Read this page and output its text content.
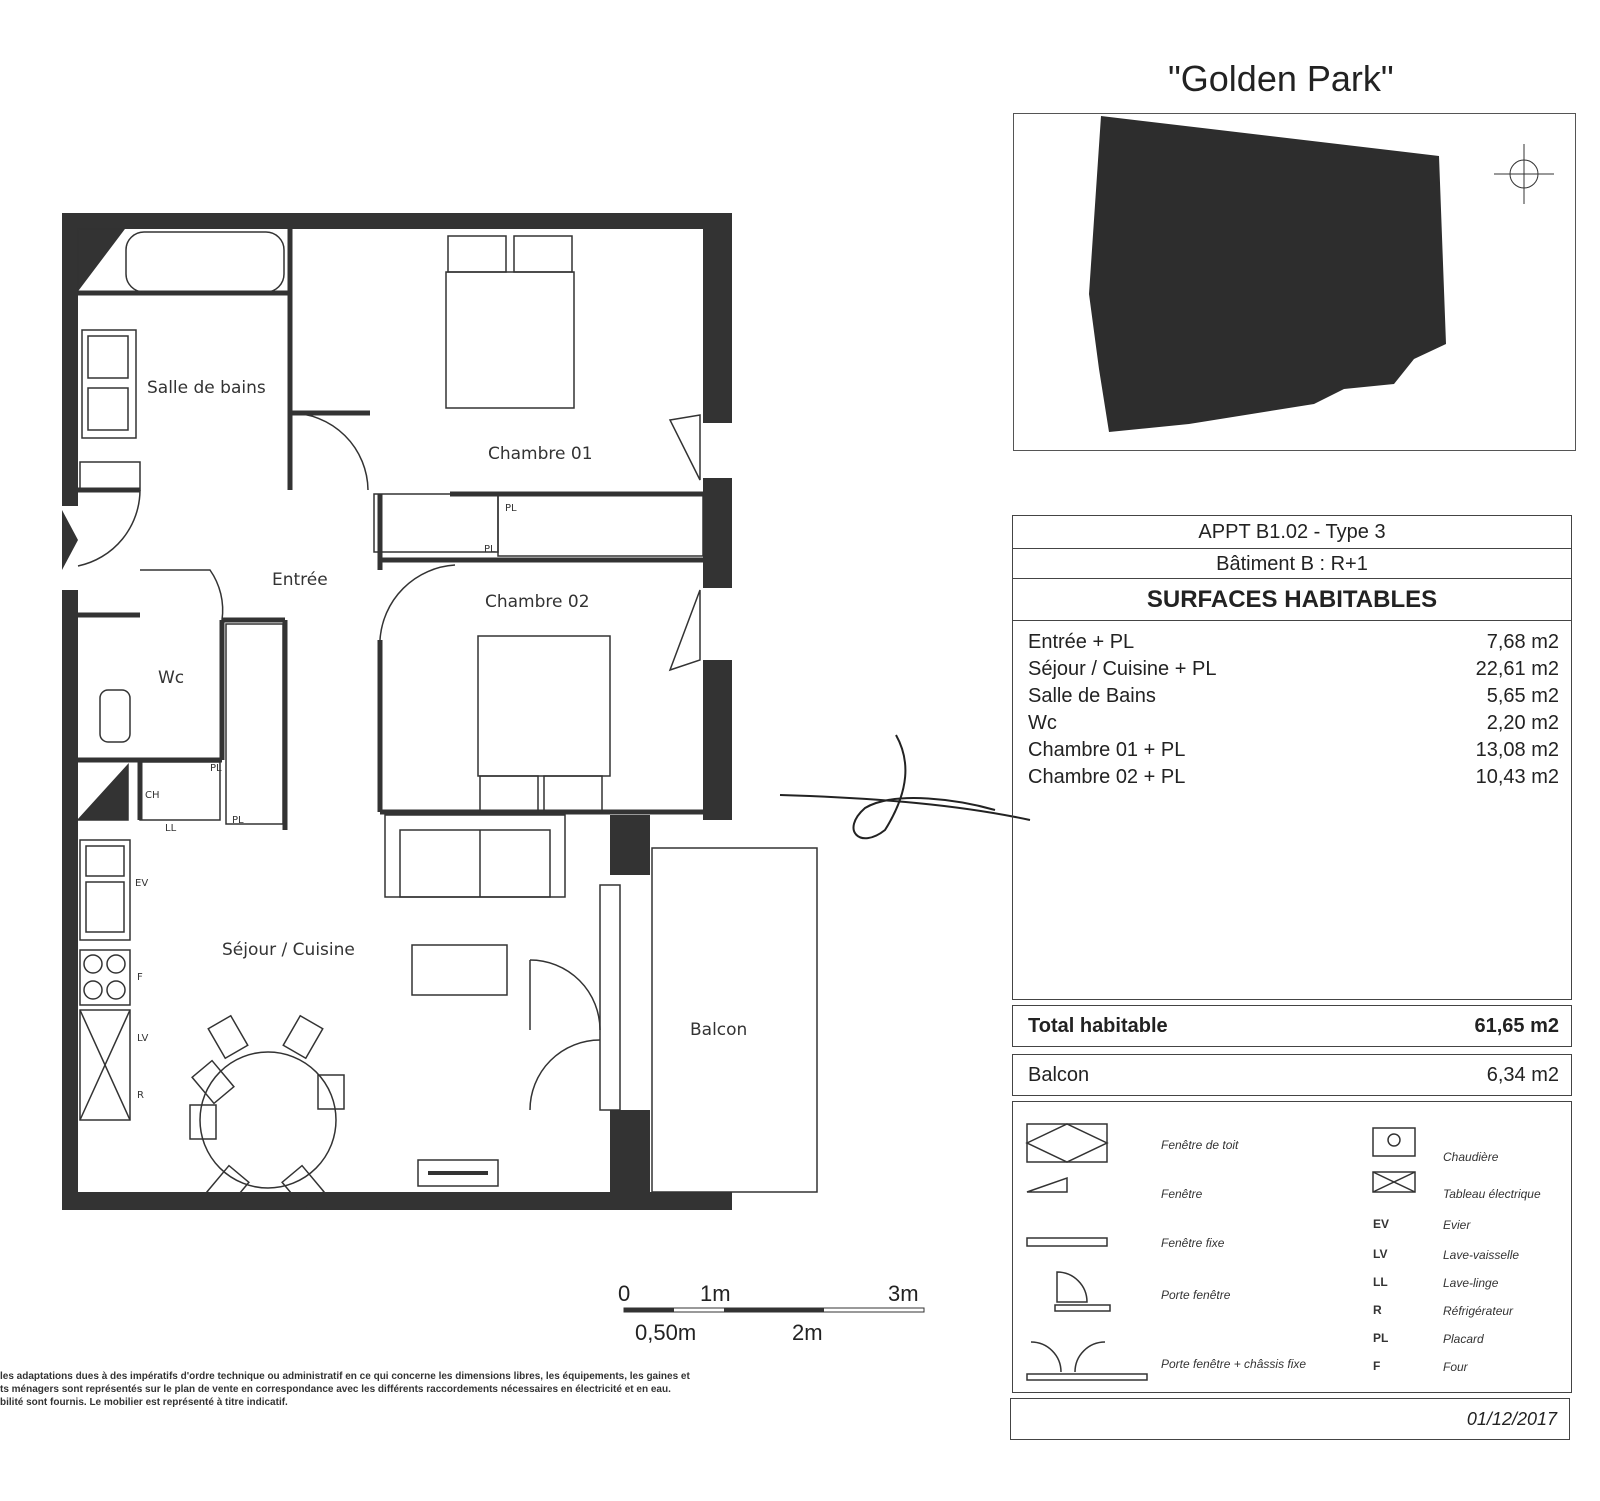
Salle de bains
Chambre 01
Entrée
Chambre 02
Wc
Séjour / Cuisine
Balcon
PL
PL
PL
PL
CH
LL
EV
F
LV
R
0	1m	3m
0,50m	2m
les adaptations dues à des impératifs d'ordre technique ou administratif en ce qui concerne les dimensions libres, les équipements, les gaines et
ts ménagers sont représentés sur le plan de vente en correspondance avec les différents raccordements nécessaires en électricité et en eau.
bilité sont fournis. Le mobilier est représenté à titre indicatif.
"Golden Park"
APPT B1.02 - Type 3
Bâtiment B : R+1
SURFACES HABITABLES
Entrée + PL	7,68 m2
Séjour / Cuisine + PL	22,61 m2
Salle de Bains	5,65 m2
Wc	2,20 m2
Chambre 01 + PL	13,08 m2
Chambre 02 + PL	10,43 m2
Total habitable	61,65 m2
Balcon	6,34 m2
Fenêtre de toit
Fenêtre
Fenêtre fixe
Porte fenêtre
Porte fenêtre + châssis fixe
Chaudière
Tableau électrique
EV	Evier
LV	Lave-vaisselle
LL	Lave-linge
R	Réfrigérateur
PL	Placard
F	Four
01/12/2017
